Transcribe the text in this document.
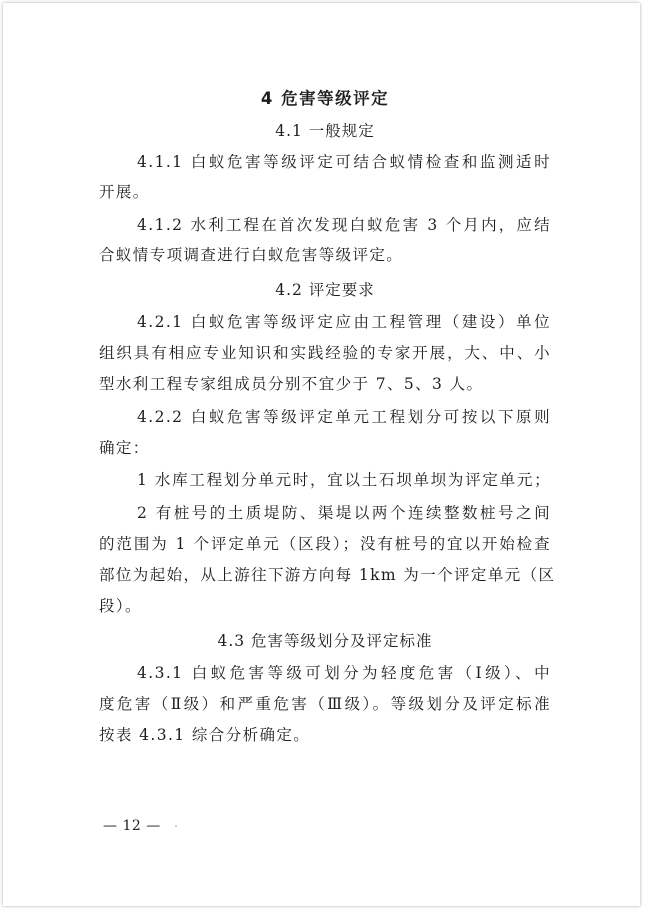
4 危害等级评定
4.1 一般规定
4.1.1 白蚁危害等级评定可结合蚁情检查和监测适时
开展。
4.1.2 水利工程在首次发现白蚁危害 3 个月内，应结
合蚁情专项调查进行白蚁危害等级评定。
4.2 评定要求
4.2.1 白蚁危害等级评定应由工程管理（建设）单位
组织具有相应专业知识和实践经验的专家开展，大、中、小
型水利工程专家组成员分别不宜少于 7、5、3 人。
4.2.2 白蚁危害等级评定单元工程划分可按以下原则
确定：
1 水库工程划分单元时，宜以土石坝单坝为评定单元；
2 有桩号的土质堤防、渠堤以两个连续整数桩号之间
的范围为 1 个评定单元（区段）；没有桩号的宜以开始检查
部位为起始，从上游往下游方向每 1km 为一个评定单元（区
段）。
4.3 危害等级划分及评定标准
4.3.1 白蚁危害等级可划分为轻度危害（Ⅰ级）、中
度危害（Ⅱ级）和严重危害（Ⅲ级）。等级划分及评定标准
按表 4.3.1 综合分析确定。
— 12 —
